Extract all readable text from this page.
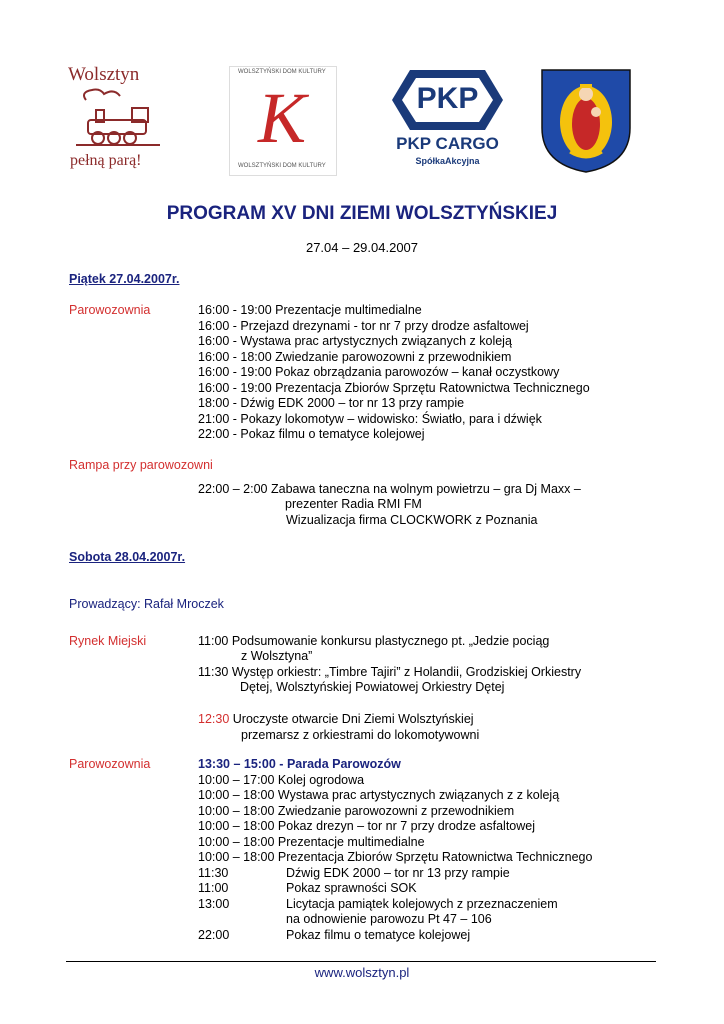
Wolsztyn
pełną parą!
WOLSZTYŃSKI DOM KULTURY
WOLSZTYŃSKI DOM KULTURY
K	PKP
PKP CARGO
SpółkaAkcyjna
PROGRAM XV DNI ZIEMI WOLSZTYŃSKIEJ
27.04 – 29.04.2007
Piątek 27.04.2007r.
Parowozownia	16:00 - 19:00 Prezentacje multimedialne
16:00 - Przejazd drezynami - tor nr 7 przy drodze asfaltowej
16:00 - Wystawa prac artystycznych związanych z koleją
16:00 - 18:00 Zwiedzanie parowozowni z przewodnikiem
16:00 - 19:00 Pokaz obrządzania parowozów – kanał oczystkowy
16:00 - 19:00 Prezentacja Zbiorów Sprzętu Ratownictwa Technicznego
18:00 - Dźwig EDK 2000 – tor nr 13 przy rampie
21:00 - Pokazy lokomotyw – widowisko: Światło, para i dźwięk
22:00 - Pokaz filmu o tematyce kolejowej
Rampa przy parowozowni
22:00 – 2:00 Zabawa taneczna na wolnym powietrzu – gra Dj Maxx –
prezenter Radia RMI FM
Wizualizacja firma CLOCKWORK z Poznania
Sobota 28.04.2007r.
Prowadzący: Rafał Mroczek
Rynek Miejski	11:00 Podsumowanie konkursu plastycznego pt. „Jedzie pociąg
z Wolsztyna”
11:30 Występ orkiestr: „Timbre Tajiri” z Holandii, Grodziskiej Orkiestry
Dętej, Wolsztyńskiej Powiatowej Orkiestry Dętej
12:30 Uroczyste otwarcie Dni Ziemi Wolsztyńskiej
przemarsz z orkiestrami do lokomotywowni
Parowozownia	13:30 – 15:00 - Parada Parowozów
10:00 – 17:00 Kolej ogrodowa
10:00 – 18:00 Wystawa prac artystycznych związanych z z koleją
10:00 – 18:00 Zwiedzanie parowozowni z przewodnikiem
10:00 – 18:00 Pokaz drezyn – tor nr 7 przy drodze asfaltowej
10:00 – 18:00 Prezentacje multimedialne
10:00 – 18:00 Prezentacja Zbiorów Sprzętu Ratownictwa Technicznego
11:30	Dźwig EDK 2000 – tor nr 13 przy rampie
11:00	Pokaz sprawności SOK
13:00	Licytacja pamiątek kolejowych z przeznaczeniem
na odnowienie parowozu Pt 47 – 106
22:00	Pokaz filmu o tematyce kolejowej
www.wolsztyn.pl
